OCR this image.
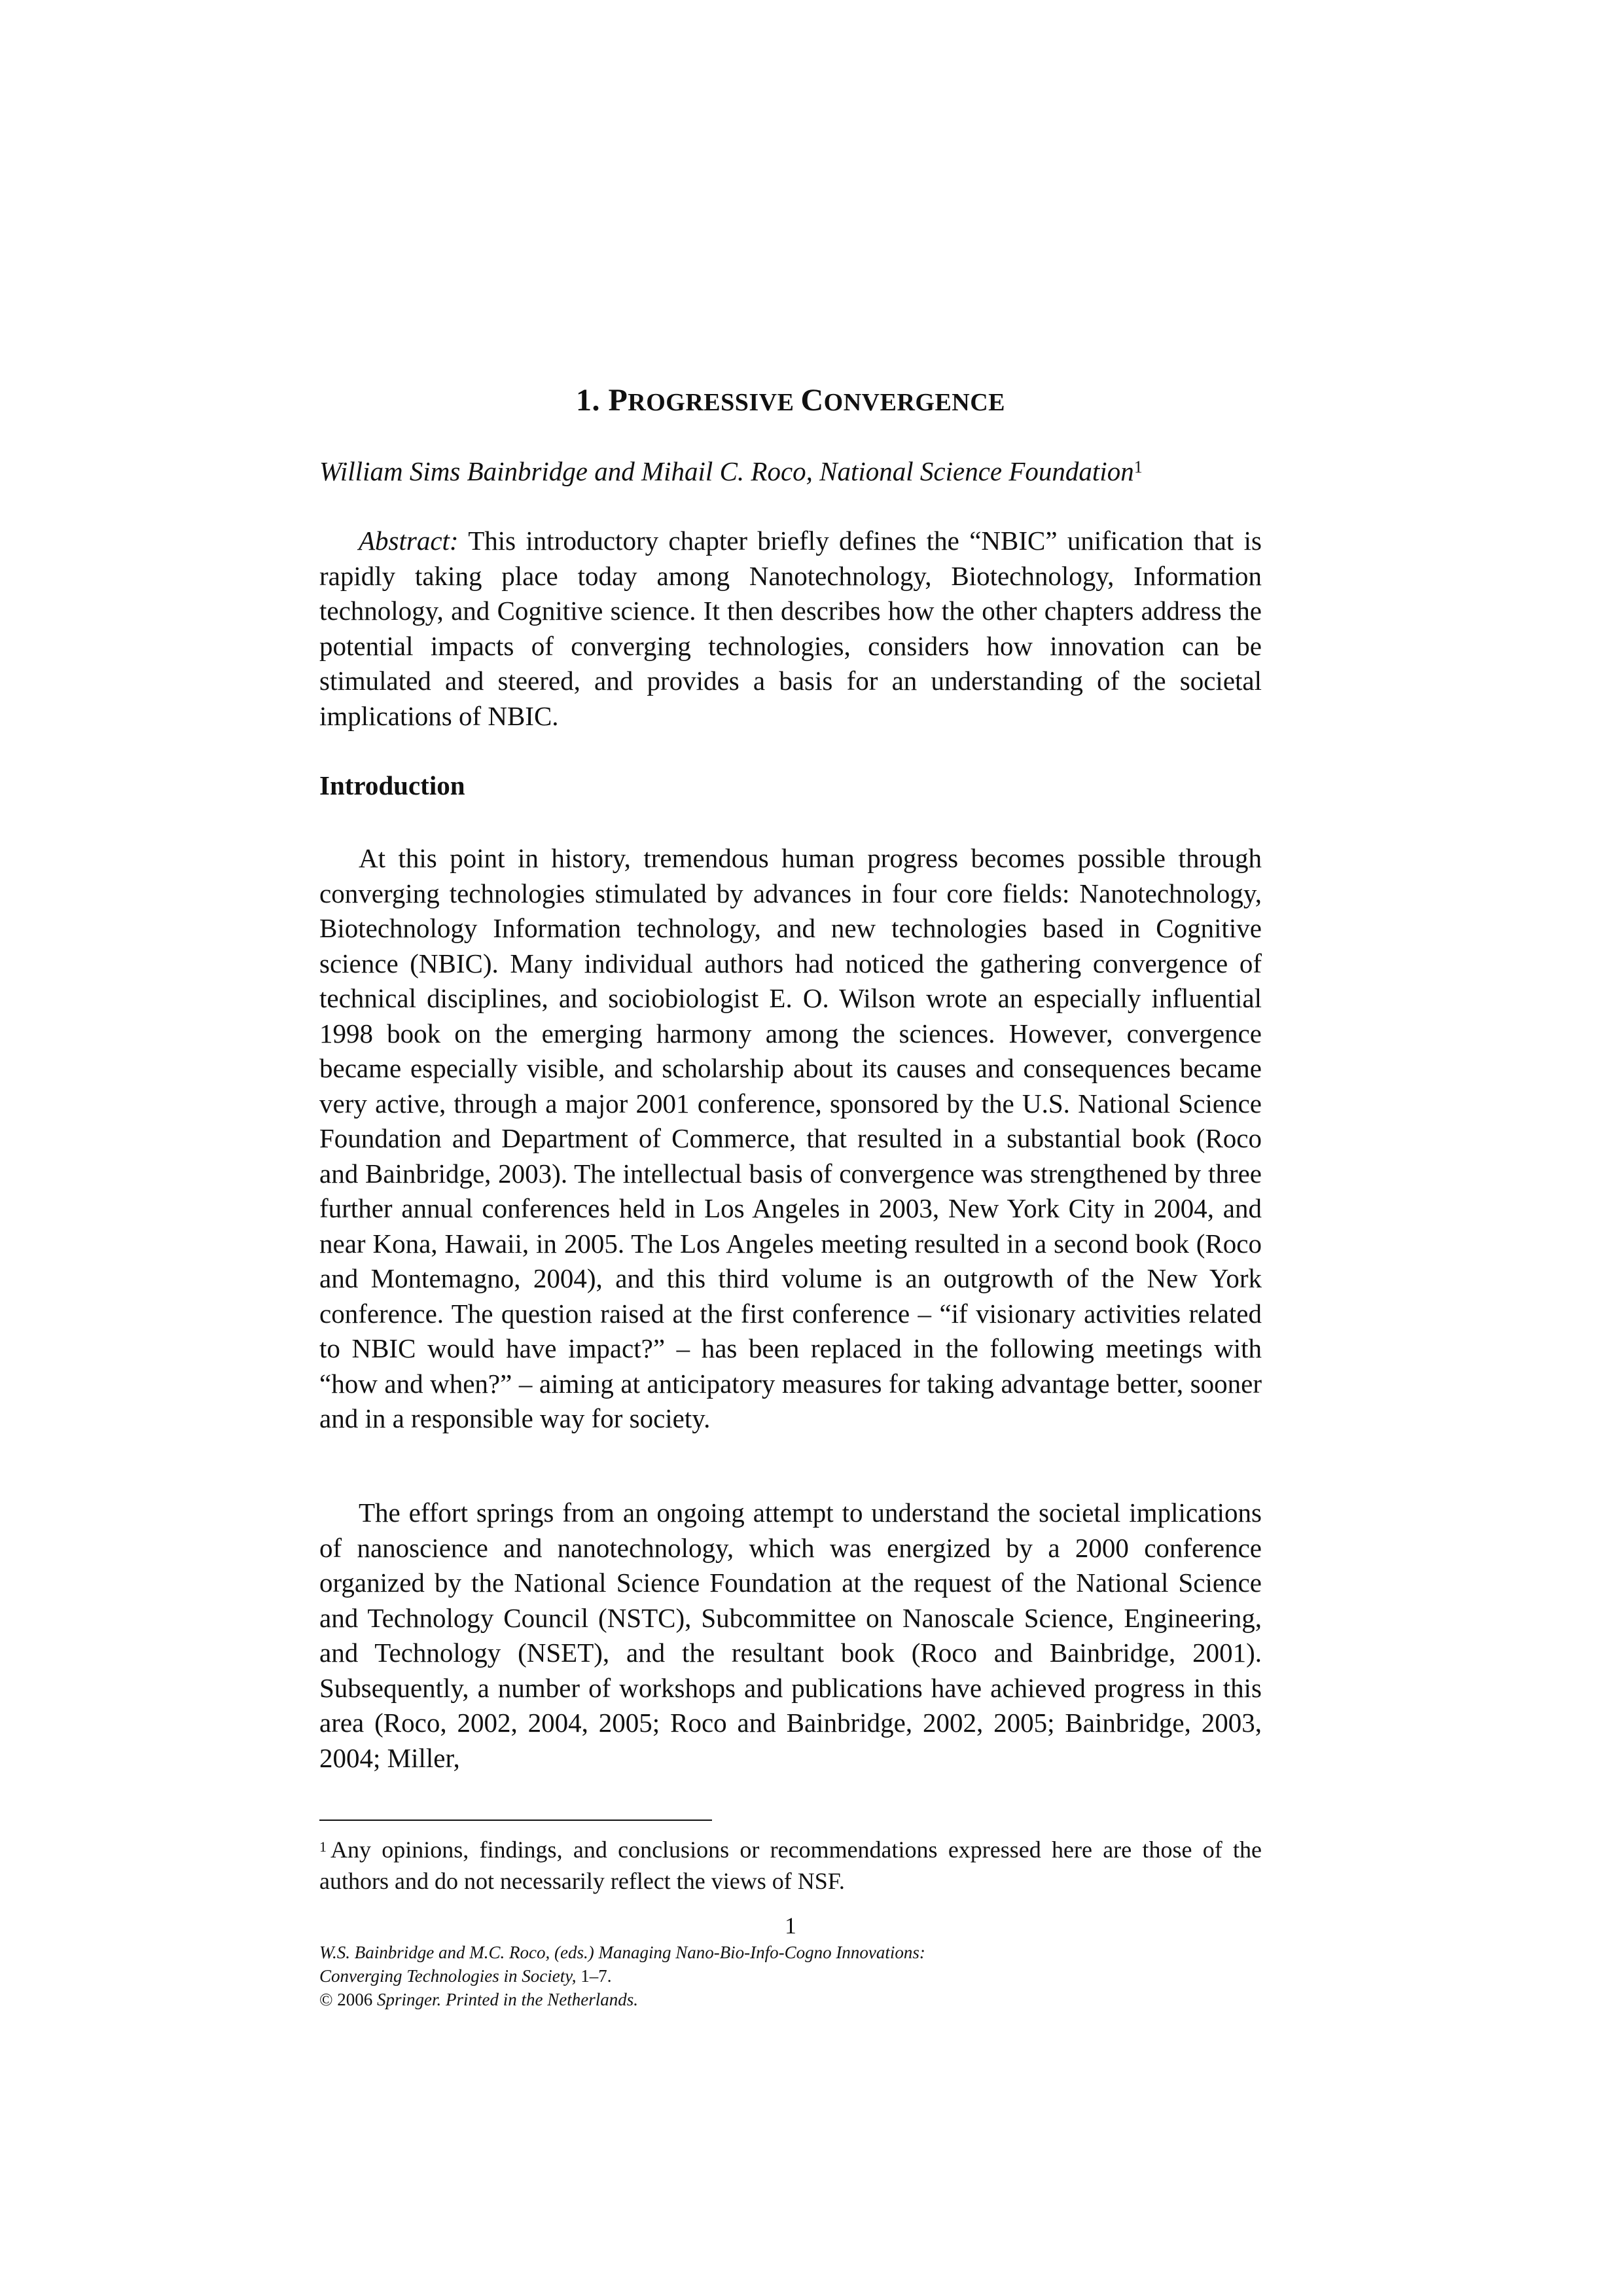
1. PROGRESSIVE CONVERGENCE
William Sims Bainbridge and Mihail C. Roco, National Science Foundation$^1$

Abstract: This introductory chapter briefly defines the “NBIC” unification that is rapidly taking place today among Nanotechnology, Biotechnology, Information technology, and Cognitive science. It then describes how the other chapters address the potential impacts of converging technologies, considers how innovation can be stimulated and steered, and provides a basis for an understanding of the societal implications of NBIC.

Introduction

At this point in history, tremendous human progress becomes possible through converging technologies stimulated by advances in four core fields: Nanotechnology, Biotechnology Information technology, and new technologies based in Cognitive science (NBIC). Many individual authors had noticed the gathering convergence of technical disciplines, and sociobiologist E. O. Wilson wrote an especially influential 1998 book on the emerging harmony among the sciences. However, convergence became especially visible, and scholarship about its causes and consequences became very active, through a major 2001 conference, sponsored by the U.S. National Science Foundation and Department of Commerce, that resulted in a substantial book (Roco and Bainbridge, 2003). The intellectual basis of convergence was strengthened by three further annual conferences held in Los Angeles in 2003, New York City in 2004, and near Kona, Hawaii, in 2005. The Los Angeles meeting resulted in a second book (Roco and Montemagno, 2004), and this third volume is an outgrowth of the New York conference. The question raised at the first conference – “if visionary activities related to NBIC would have impact?” – has been replaced in the following meetings with “how and when?” – aiming at anticipatory measures for taking advantage better, sooner and in a responsible way for society.

The effort springs from an ongoing attempt to understand the societal implications of nanoscience and nanotechnology, which was energized by a 2000 conference organized by the National Science Foundation at the request of the National Science and Technology Council (NSTC), Subcommittee on Nanoscale Science, Engineering, and Technology (NSET), and the resultant book (Roco and Bainbridge, 2001). Subsequently, a number of workshops and publications have achieved progress in this area (Roco, 2002, 2004, 2005; Roco and Bainbridge, 2002, 2005; Bainbridge, 2003, 2004; Miller,

$^1$ Any opinions, findings, and conclusions or recommendations expressed here are those of the authors and do not necessarily reflect the views of NSF.

1
W.S. Bainbridge and M.C. Roco, (eds.) Managing Nano-Bio-Info-Cogno Innovations:
Converging Technologies in Society, 1–7.
© 2006 Springer. Printed in the Netherlands.
